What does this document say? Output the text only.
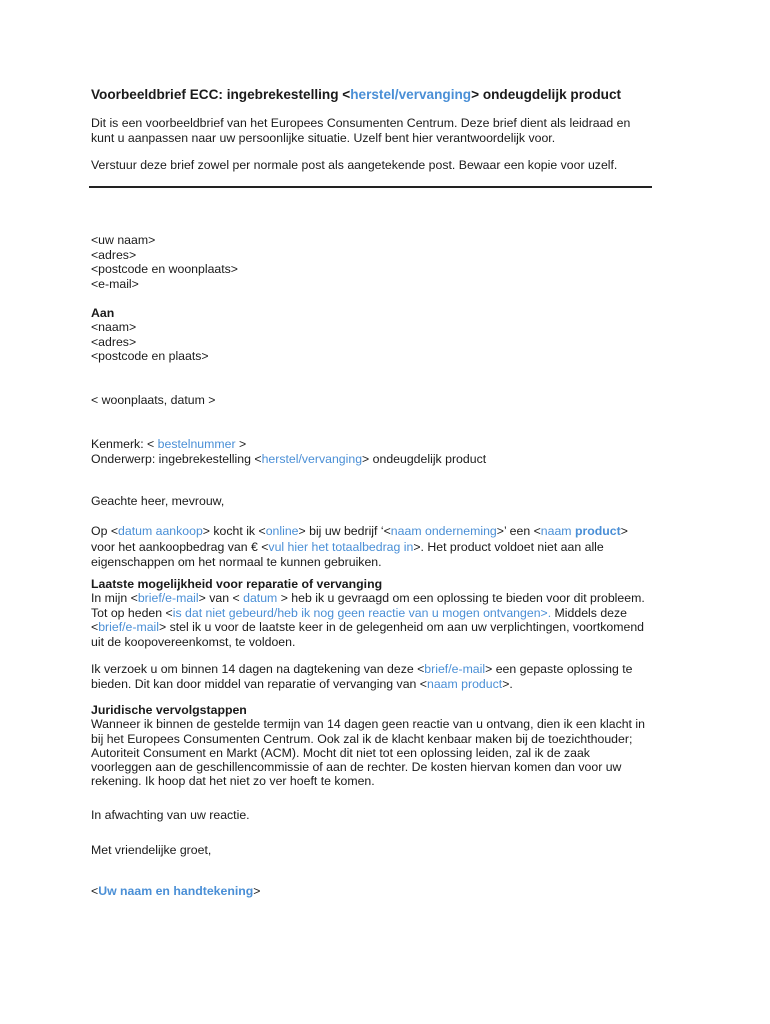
Voorbeeldbrief ECC: ingebrekestelling <herstel/vervanging> ondeugdelijk product
Dit is een voorbeeldbrief van het Europees Consumenten Centrum. Deze brief dient als leidraad en
kunt u aanpassen naar uw persoonlijke situatie. Uzelf bent hier verantwoordelijk voor.
Verstuur deze brief zowel per normale post als aangetekende post. Bewaar een kopie voor uzelf.
<uw naam>
<adres>
<postcode en woonplaats>
<e-mail>
Aan
<naam>
<adres>
<postcode en plaats>
< woonplaats, datum >
Kenmerk: < bestelnummer >
Onderwerp: ingebrekestelling <herstel/vervanging> ondeugdelijk product
Geachte heer, mevrouw,
Op <datum aankoop> kocht ik <online> bij uw bedrijf ‘<naam onderneming>’ een <naam product>
voor het aankoopbedrag van € <vul hier het totaalbedrag in>. Het product voldoet niet aan alle
eigenschappen om het normaal te kunnen gebruiken.
Laatste mogelijkheid voor reparatie of vervanging
In mijn <brief/e-mail> van < datum > heb ik u gevraagd om een oplossing te bieden voor dit probleem.
Tot op heden <is dat niet gebeurd/heb ik nog geen reactie van u mogen ontvangen>. Middels deze
<brief/e-mail> stel ik u voor de laatste keer in de gelegenheid om aan uw verplichtingen, voortkomend
uit de koopovereenkomst, te voldoen.
Ik verzoek u om binnen 14 dagen na dagtekening van deze <brief/e-mail> een gepaste oplossing te
bieden. Dit kan door middel van reparatie of vervanging van <naam product>.
Juridische vervolgstappen
Wanneer ik binnen de gestelde termijn van 14 dagen geen reactie van u ontvang, dien ik een klacht in
bij het Europees Consumenten Centrum. Ook zal ik de klacht kenbaar maken bij de toezichthouder;
Autoriteit Consument en Markt (ACM). Mocht dit niet tot een oplossing leiden, zal ik de zaak
voorleggen aan de geschillencommissie of aan de rechter. De kosten hiervan komen dan voor uw
rekening. Ik hoop dat het niet zo ver hoeft te komen.
In afwachting van uw reactie.
Met vriendelijke groet,
<Uw naam en handtekening>
